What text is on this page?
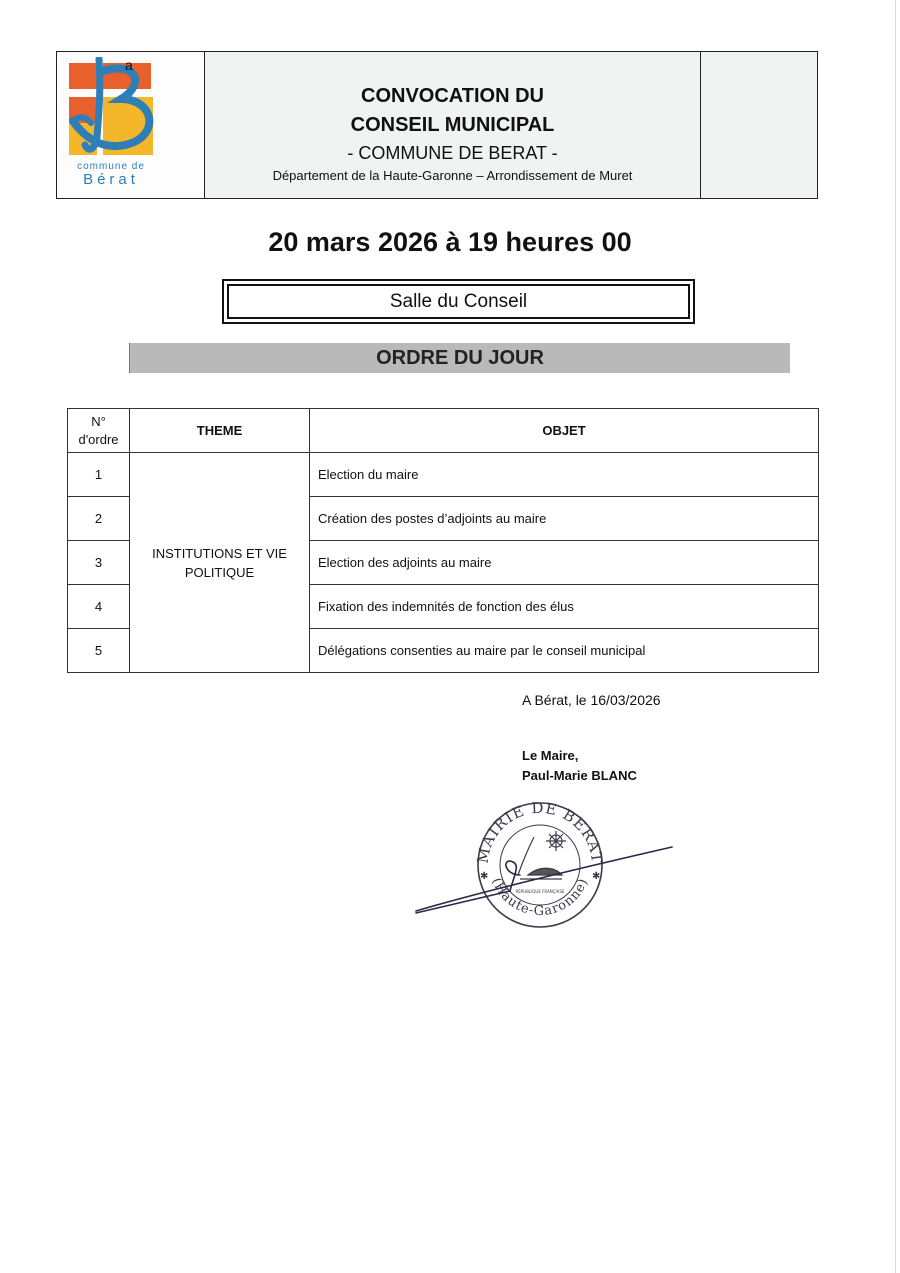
a
commune de
Bérat
CONVOCATION DU
CONSEIL MUNICIPAL
- COMMUNE DE BERAT -
Département de la Haute-Garonne – Arrondissement de Muret
20 mars 2026 à 19 heures 00
Salle du Conseil
ORDRE DU JOUR
N°
d'ordre	THEME	OBJET
1	INSTITUTIONS ET VIE POLITIQUE	Election du maire
2		Création des postes d’adjoints au maire
3		Election des adjoints au maire
4		Fixation des indemnités de fonction des élus
5		Délégations consenties au maire par le conseil municipal
A Bérat, le 16/03/2026
Le Maire,
Paul-Marie BLANC
MAIRIE DE BERAT
(Haute-Garonne)
RÉPUBLIQUE FRANÇAISE
✱	✱
